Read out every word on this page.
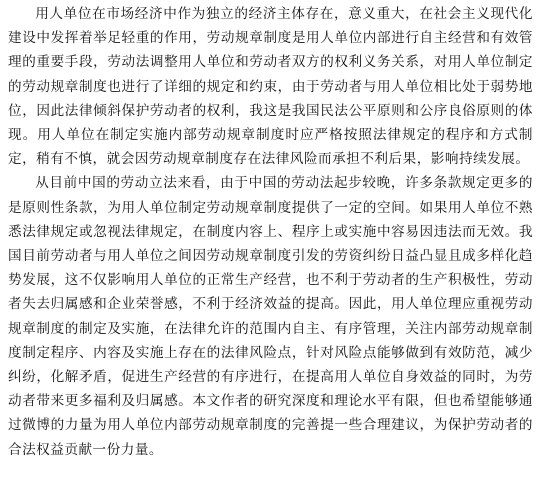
用人单位在市场经济中作为独立的经济主体存在，意义重大，在社会主义现代化建设中发挥着举足轻重的作用，劳动规章制度是用人单位内部进行自主经营和有效管理的重要手段，劳动法调整用人单位和劳动者双方的权利义务关系，对用人单位制定的劳动规章制度也进行了详细的规定和约束，由于劳动者与用人单位相比处于弱势地位，因此法律倾斜保护劳动者的权利，我这是我国民法公平原则和公序良俗原则的体现。用人单位在制定实施内部劳动规章制度时应严格按照法律规定的程序和方式制定，稍有不慎，就会因劳动规章制度存在法律风险而承担不利后果，影响持续发展。

从目前中国的劳动立法来看，由于中国的劳动法起步较晚，许多条款规定更多的是原则性条款，为用人单位制定劳动规章制度提供了一定的空间。如果用人单位不熟悉法律规定或忽视法律规定，在制度内容上、程序上或实施中容易因违法而无效。我国目前劳动者与用人单位之间因劳动规章制度引发的劳资纠纷日益凸显且成多样化趋势发展，这不仅影响用人单位的正常生产经营，也不利于劳动者的生产积极性，劳动者失去归属感和企业荣誉感，不利于经济效益的提高。因此，用人单位理应重视劳动规章制度的制定及实施，在法律允许的范围内自主、有序管理，关注内部劳动规章制度制定程序、内容及实施上存在的法律风险点，针对风险点能够做到有效防范，减少纠纷，化解矛盾，促进生产经营的有序进行，在提高用人单位自身效益的同时，为劳动者带来更多福利及归属感。本文作者的研究深度和理论水平有限，但也希望能够通过微博的力量为用人单位内部劳动规章制度的完善提一些合理建议，为保护劳动者的合法权益贡献一份力量。
